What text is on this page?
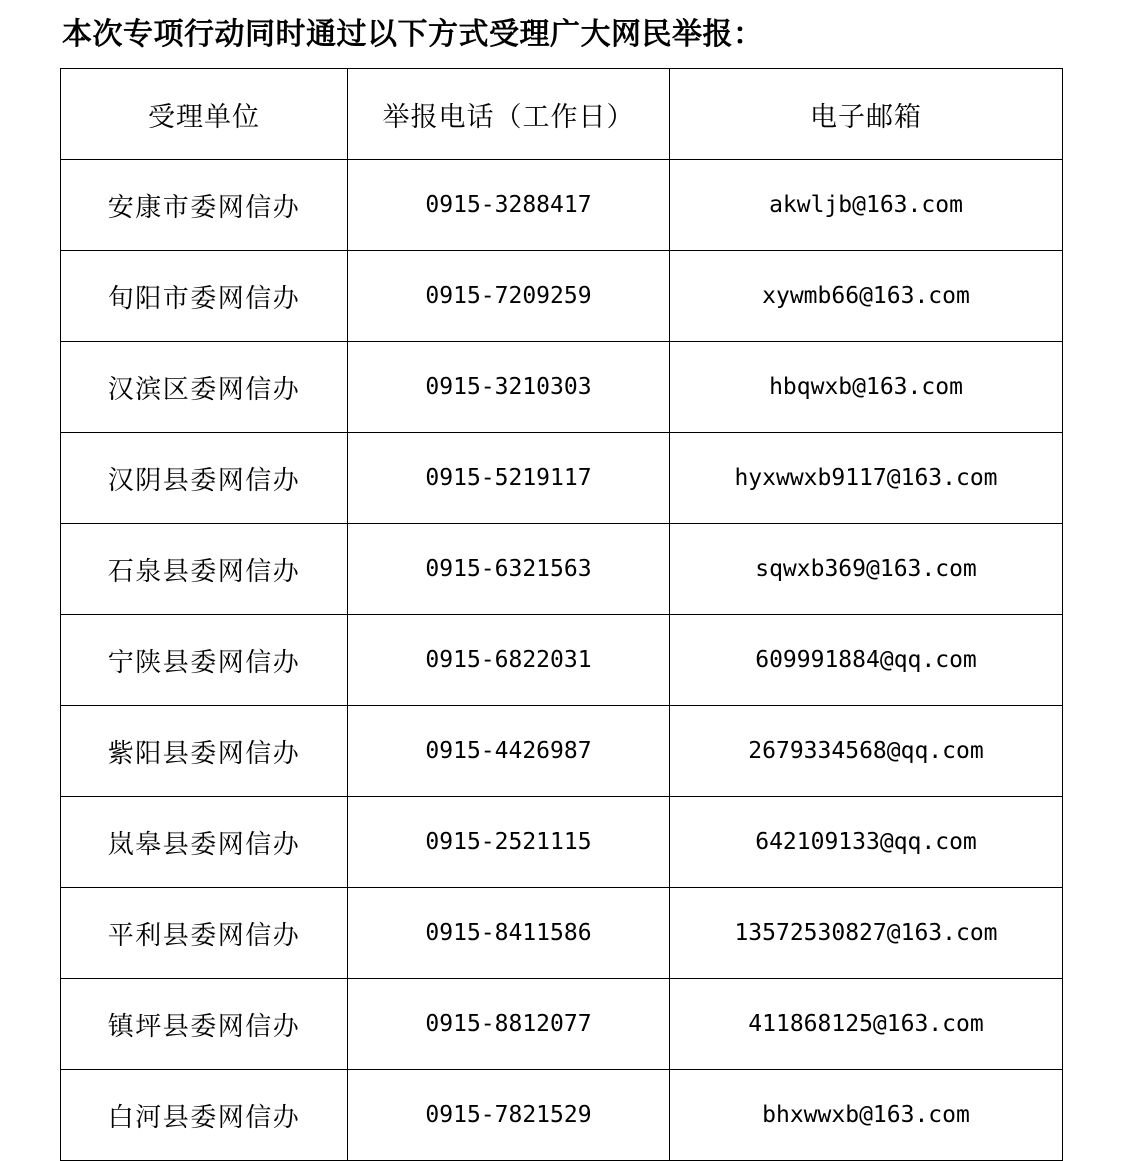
本次专项行动同时通过以下方式受理广大网民举报：
受理单位	举报电话（工作日）	电子邮箱
安康市委网信办	0915-3288417	akwljb@163.com
旬阳市委网信办	0915-7209259	xywmb66@163.com
汉滨区委网信办	0915-3210303	hbqwxb@163.com
汉阴县委网信办	0915-5219117	hyxwwxb9117@163.com
石泉县委网信办	0915-6321563	sqwxb369@163.com
宁陕县委网信办	0915-6822031	609991884@qq.com
紫阳县委网信办	0915-4426987	2679334568@qq.com
岚皋县委网信办	0915-2521115	642109133@qq.com
平利县委网信办	0915-8411586	13572530827@163.com
镇坪县委网信办	0915-8812077	411868125@163.com
白河县委网信办	0915-7821529	bhxwwxb@163.com
